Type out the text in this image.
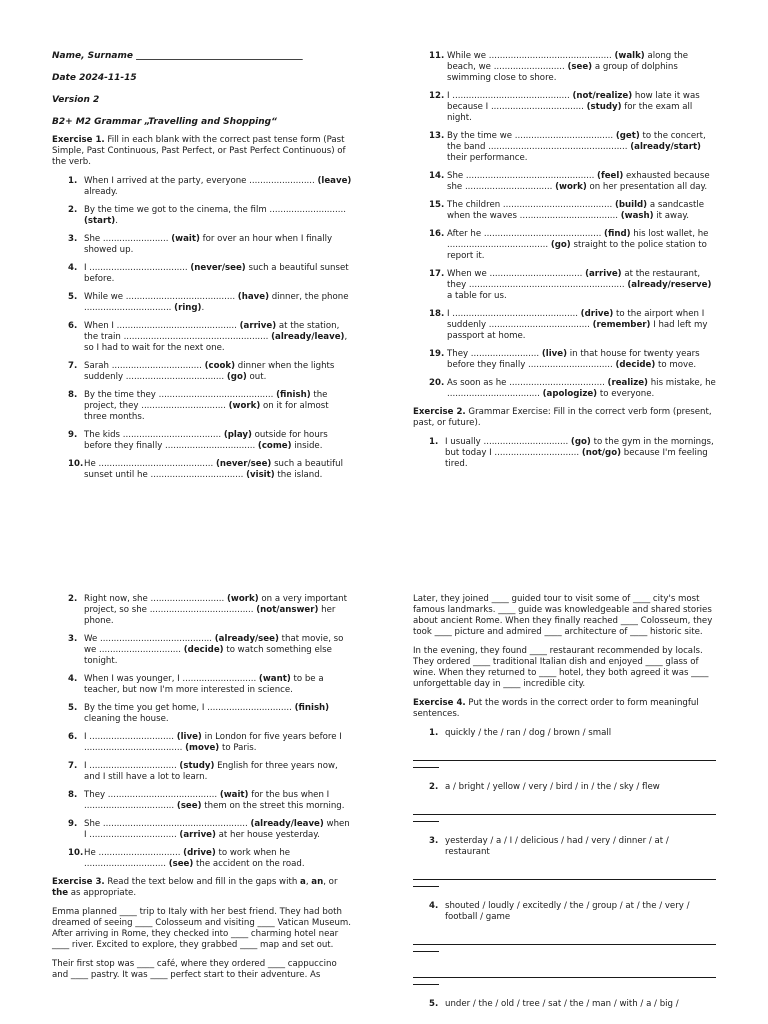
Name, Surname _____________________________________
Date 2024-11-15
Version 2
B2+ M2 Grammar „Travelling and Shopping“

Exercise 1. Fill in each blank with the correct past tense form (Past Simple, Past Continuous, Past Perfect, or Past Perfect Continuous) of the verb.

1. When I arrived at the party, everyone ........................ (leave) already.
2. By the time we got to the cinema, the film ............................ (start).
3. She ........................ (wait) for over an hour when I finally showed up.
4. I .................................... (never/see) such a beautiful sunset before.
5. While we ........................................ (have) dinner, the phone ................................ (ring).
6. When I ............................................ (arrive) at the station, the train ..................................................... (already/leave), so I had to wait for the next one.
7. Sarah ................................. (cook) dinner when the lights suddenly .................................... (go) out.
8. By the time they .......................................... (finish) the project, they ............................... (work) on it for almost three months.
9. The kids .................................... (play) outside for hours before they finally ................................. (come) inside.
10. He .......................................... (never/see) such a beautiful sunset until he .................................. (visit) the island.
11. While we ............................................. (walk) along the beach, we .......................... (see) a group of dolphins swimming close to shore.
12. I ........................................... (not/realize) how late it was because I .................................. (study) for the exam all night.
13. By the time we .................................... (get) to the concert, the band ................................................... (already/start) their performance.
14. She ............................................... (feel) exhausted because she ................................ (work) on her presentation all day.
15. The children ........................................ (build) a sandcastle when the waves .................................... (wash) it away.
16. After he ........................................... (find) his lost wallet, he ..................................... (go) straight to the police station to report it.
17. When we .................................. (arrive) at the restaurant, they ......................................................... (already/reserve) a table for us.
18. I .............................................. (drive) to the airport when I suddenly ..................................... (remember) I had left my passport at home.
19. They ......................... (live) in that house for twenty years before they finally ............................... (decide) to move.
20. As soon as he ................................... (realize) his mistake, he .................................. (apologize) to everyone.

Exercise 2. Grammar Exercise: Fill in the correct verb form (present, past, or future).

1. I usually ............................... (go) to the gym in the mornings, but today I ............................... (not/go) because I'm feeling tired.
2. Right now, she ........................... (work) on a very important project, so she ...................................... (not/answer) her phone.
3. We ......................................... (already/see) that movie, so we .............................. (decide) to watch something else tonight.
4. When I was younger, I ........................... (want) to be a teacher, but now I'm more interested in science.
5. By the time you get home, I ............................... (finish) cleaning the house.
6. I ............................... (live) in London for five years before I .................................... (move) to Paris.
7. I ................................ (study) English for three years now, and I still have a lot to learn.
8. They ........................................ (wait) for the bus when I ................................. (see) them on the street this morning.
9. She ..................................................... (already/leave) when I ................................ (arrive) at her house yesterday.
10. He .............................. (drive) to work when he .............................. (see) the accident on the road.

Exercise 3. Read the text below and fill in the gaps with a, an, or the as appropriate.

Emma planned ____ trip to Italy with her best friend. They had both dreamed of seeing ____ Colosseum and visiting ____ Vatican Museum. After arriving in Rome, they checked into ____ charming hotel near ____ river. Excited to explore, they grabbed ____ map and set out.

Their first stop was ____ café, where they ordered ____ cappuccino and ____ pastry. It was ____ perfect start to their adventure. As

Later, they joined ____ guided tour to visit some of ____ city's most famous landmarks. ____ guide was knowledgeable and shared stories about ancient Rome. When they finally reached ____ Colosseum, they took ____ picture and admired ____ architecture of ____ historic site.

In the evening, they found ____ restaurant recommended by locals. They ordered ____ traditional Italian dish and enjoyed ____ glass of wine. When they returned to ____ hotel, they both agreed it was ____ unforgettable day in ____ incredible city.

Exercise 4. Put the words in the correct order to form meaningful sentences.

1. quickly / the / ran / dog / brown / small
2. a / bright / yellow / very / bird / in / the / sky / flew
3. yesterday / a / I / delicious / had / very / dinner / at / restaurant
4. shouted / loudly / excitedly / the / group / at / the / very / football / game
5. under / the / old / tree / sat / the / man / with / a / big /
